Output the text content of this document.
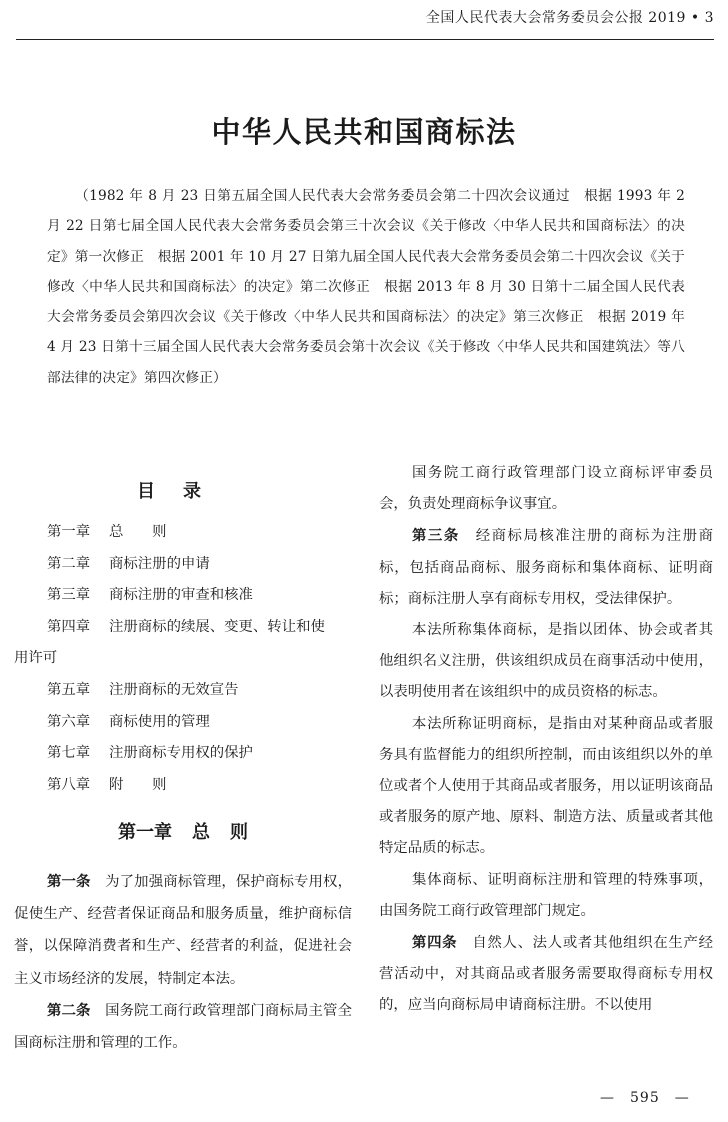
全国人民代表大会常务委员会公报 2019 • 3
中华人民共和国商标法

（1982 年 8 月 23 日第五届全国人民代表大会常务委员会第二十四次会议通过　根据 1993 年 2 月 22 日第七届全国人民代表大会常务委员会第三十次会议《关于修改〈中华人民共和国商标法〉的决定》第一次修正　根据 2001 年 10 月 27 日第九届全国人民代表大会常务委员会第二十四次会议《关于修改〈中华人民共和国商标法〉的决定》第二次修正　根据 2013 年 8 月 30 日第十二届全国人民代表大会常务委员会第四次会议《关于修改〈中华人民共和国商标法〉的决定》第三次修正　根据 2019 年 4 月 23 日第十三届全国人民代表大会常务委员会第十次会议《关于修改〈中华人民共和国建筑法〉等八部法律的决定》第四次修正）

目录
第一章 总　　则
第二章 商标注册的申请
第三章 商标注册的审查和核准
第四章 注册商标的续展、变更、转让和使
用许可
第五章 注册商标的无效宣告
第六章 商标使用的管理
第七章 注册商标专用权的保护
第八章 附　　则
第一章 总 则

第一条　 为了加强商标管理，保护商标专用权，促使生产、经营者保证商品和服务质量，维护商标信誉，以保障消费者和生产、经营者的利益，促进社会主义市场经济的发展，特制定本法。

第二条　 国务院工商行政管理部门商标局主管全国商标注册和管理的工作。

国务院工商行政管理部门设立商标评审委员会，负责处理商标争议事宜。

第三条　 经商标局核准注册的商标为注册商标，包括商品商标、服务商标和集体商标、证明商标；商标注册人享有商标专用权，受法律保护。

本法所称集体商标，是指以团体、协会或者其他组织名义注册，供该组织成员在商事活动中使用，以表明使用者在该组织中的成员资格的标志。

本法所称证明商标，是指由对某种商品或者服务具有监督能力的组织所控制，而由该组织以外的单位或者个人使用于其商品或者服务，用以证明该商品或者服务的原产地、原料、制造方法、质量或者其他特定品质的标志。

集体商标、证明商标注册和管理的特殊事项，由国务院工商行政管理部门规定。

第四条　 自然人、法人或者其他组织在生产经营活动中，对其商品或者服务需要取得商标专用权的，应当向商标局申请商标注册。不以使用

—　595　—
